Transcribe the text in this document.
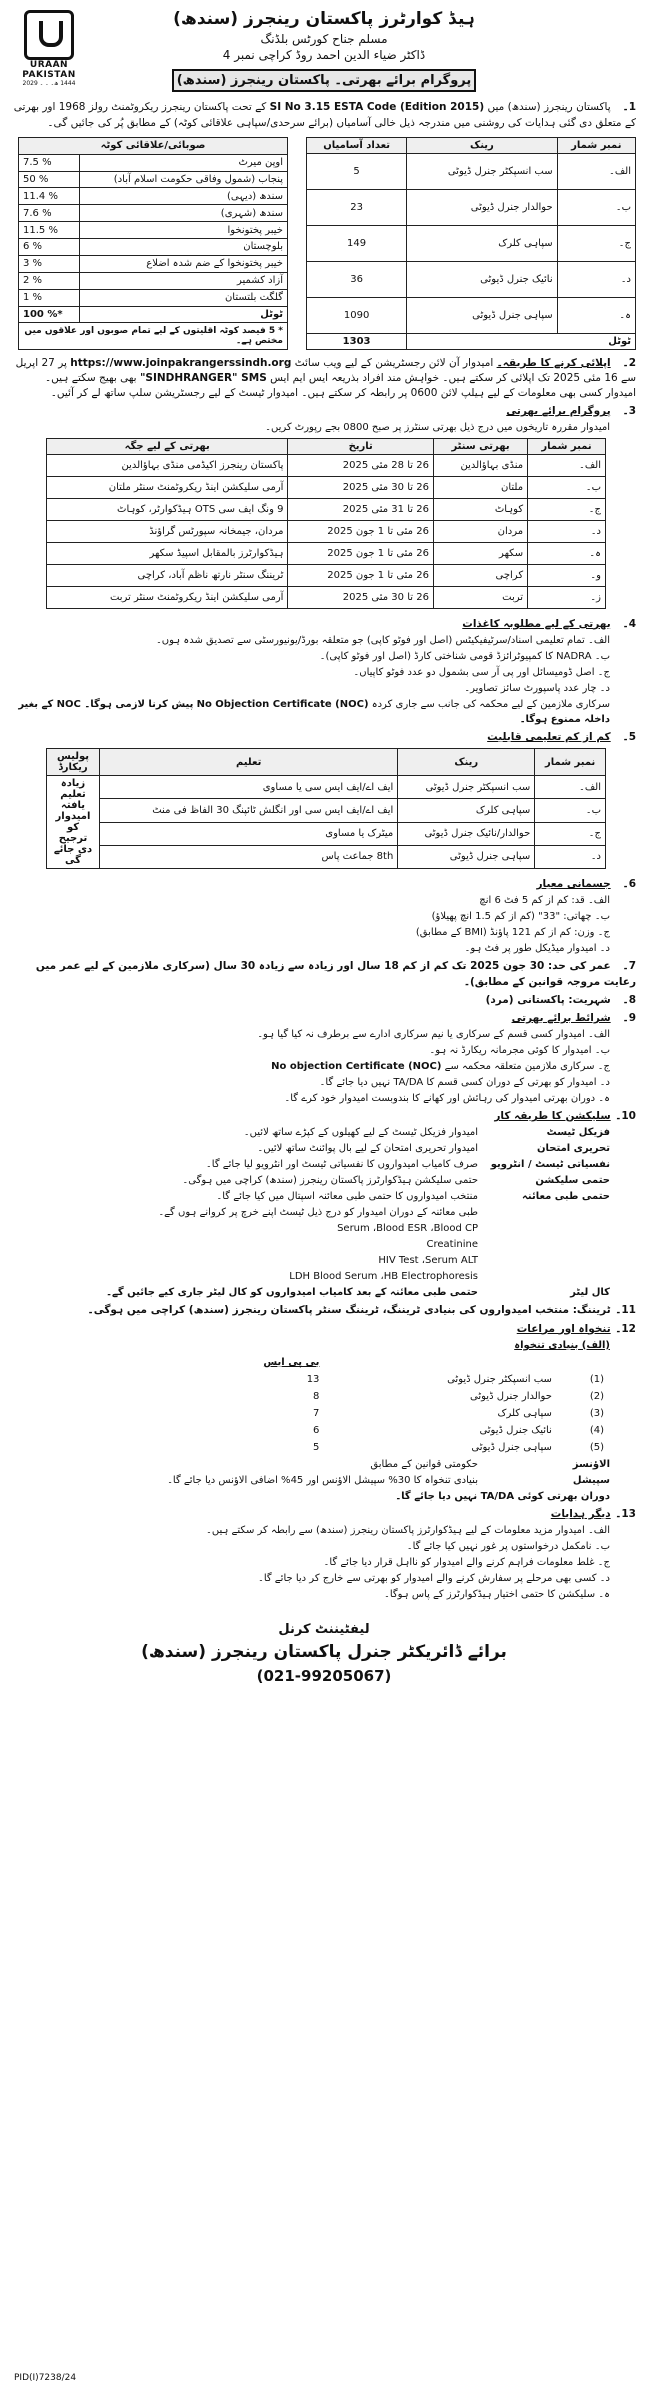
URAAN PAKISTAN
1444 ھ۔ ۔ ۔ 2029
ہیڈ کوارٹرز پاکستان رینجرز (سندھ)
مسلم جناح کورٹس بلڈنگ
ڈاکٹر ضیاء الدین احمد روڈ کراچی نمبر 4
پروگرام برائے بھرتی۔ پاکستان رینجرز (سندھ)
1۔ پاکستان رینجرز (سندھ) میں SI No 3.15 ESTA Code (Edition 2015) کے تحت پاکستان رینجرز ریکروٹمنٹ رولز 1968 اور بھرتی کے متعلق دی گئی ہدایات کی روشنی میں مندرجہ ذیل خالی آسامیاں (برائے سرحدی/سپاہی علاقائی کوٹہ) کے مطابق پُر کی جائیں گی۔
نمبر شمار	رینک	تعداد آسامیاں
الف۔	سب انسپکٹر جنرل ڈیوٹی	5
ب۔	حوالدار جنرل ڈیوٹی	23
ج۔	سپاہی کلرک	149
د۔	نائیک جنرل ڈیوٹی	36
ہ۔	سپاہی جنرل ڈیوٹی	1090
ٹوٹل		1303
صوبائی/علاقائی کوٹہ	
اوپن میرٹ	7.5 %
پنجاب (شمول وفاقی حکومت اسلام آباد)	50 %
سندھ (دیہی)	11.4 %
سندھ (شہری)	7.6 %
خیبر پختونخوا	11.5 %
بلوچستان	6 %
خیبر پختونخوا کے ضم شدہ اضلاع	3 %
آزاد کشمیر	2 %
گلگت بلتستان	1 %
ٹوٹل	100 %*
* 5 فیصد کوٹہ اقلیتوں کے لیے تمام صوبوں اور علاقوں میں مختص ہے۔	
2۔ اپلائی کرنے کا طریقہ۔ امیدوار آن لائن رجسٹریشن کے لیے ویب سائٹ https://www.joinpakrangerssindh.org پر 27 اپریل سے 16 مئی 2025 تک اپلائی کر سکتے ہیں۔ خواہش مند افراد بذریعہ ایس ایم ایس "SINDHRANGER" SMS بھی بھیج سکتے ہیں۔ امیدوار کسی بھی معلومات کے لیے ہیلپ لائن 0600 پر رابطہ کر سکتے ہیں۔ امیدوار ٹیسٹ کے لیے رجسٹریشن سلپ ساتھ لے کر آئیں۔
3۔ پروگرام برائے بھرتی
امیدوار مقررہ تاریخوں میں درج ذیل بھرتی سنٹرز پر صبح 0800 بجے رپورٹ کریں۔
نمبر شمار	بھرتی سنٹر	تاریخ	بھرتی کے لیے جگہ
الف۔	منڈی بہاؤالدین	26 تا 28 مئی 2025	پاکستان رینجرز اکیڈمی منڈی بہاؤالدین
ب۔	ملتان	26 تا 30 مئی 2025	آرمی سلیکشن اینڈ ریکروٹمنٹ سنٹر ملتان
ج۔	کوہاٹ	26 تا 31 مئی 2025	9 ونگ ایف سی OTS ہیڈکوارٹر، کوہاٹ
د۔	مردان	26 مئی تا 1 جون 2025	مردان، جیمخانہ سپورٹس گراؤنڈ
ہ۔	سکھر	26 مئی تا 1 جون 2025	ہیڈکوارٹرز بالمقابل اسپیڈ سکھر
و۔	کراچی	26 مئی تا 1 جون 2025	ٹریننگ سنٹر نارتھ ناظم آباد، کراچی
ز۔	تربت	26 تا 30 مئی 2025	آرمی سلیکشن اینڈ ریکروٹمنٹ سنٹر تربت
4۔ بھرتی کے لیے مطلوبہ کاغذات
الف۔ تمام تعلیمی اسناد/سرٹیفیکیٹس (اصل اور فوٹو کاپی) جو متعلقہ بورڈ/یونیورسٹی سے تصدیق شدہ ہوں۔
ب۔ NADRA کا کمپیوٹرائزڈ قومی شناختی کارڈ (اصل اور فوٹو کاپی)۔
ج۔ اصل ڈومیسائل اور پی آر سی بشمول دو عدد فوٹو کاپیاں۔
د۔ چار عدد پاسپورٹ سائز تصاویر۔
سرکاری ملازمین کے لیے محکمہ کی جانب سے جاری کردہ No Objection Certificate (NOC) پیش کرنا لازمی ہوگا۔ NOC کے بغیر داخلہ ممنوع ہوگا۔
5۔ کم از کم تعلیمی قابلیت
نمبر شمار	رینک	تعلیم	پولیس ریکارڈ
الف۔	سب انسپکٹر جنرل ڈیوٹی	ایف اے/ایف ایس سی یا مساوی	زیادہ تعلیم یافتہ امیدوار کو ترجیح دی جائے گی
ب۔	سپاہی کلرک	ایف اے/ایف ایس سی اور انگلش ٹائپنگ 30 الفاظ فی منٹ	
ج۔	حوالدار/نائیک جنرل ڈیوٹی	میٹرک یا مساوی	
د۔	سپاہی جنرل ڈیوٹی	8th جماعت پاس	
6۔ جسمانی معیار
الف۔ قد: کم از کم 5 فٹ 6 انچ
ب۔ چھاتی: "33" (کم از کم 1.5 انچ پھیلاؤ)
ج۔ وزن: کم از کم 121 پاؤنڈ (BMI کے مطابق)
د۔ امیدوار میڈیکل طور پر فٹ ہو۔
7۔ عمر کی حد: 30 جون 2025 تک کم از کم 18 سال اور زیادہ سے زیادہ 30 سال (سرکاری ملازمین کے لیے عمر میں رعایت مروجہ قوانین کے مطابق)۔
8۔ شہریت: پاکستانی (مرد)
9۔ شرائط برائے بھرتی
الف۔ امیدوار کسی قسم کے سرکاری یا نیم سرکاری ادارے سے برطرف نہ کیا گیا ہو۔
ب۔ امیدوار کا کوئی مجرمانہ ریکارڈ نہ ہو۔
ج۔ سرکاری ملازمین متعلقہ محکمہ سے No objection Certificate (NOC)
د۔ امیدوار کو بھرتی کے دوران کسی قسم کا TA/DA نہیں دیا جائے گا۔
ہ۔ دوران بھرتی امیدوار کی رہائش اور کھانے کا بندوبست امیدوار خود کرے گا۔
10۔ سلیکشن کا طریقہ کار
فزیکل ٹیسٹ
امیدوار فزیکل ٹیسٹ کے لیے کھیلوں کے کپڑے ساتھ لائیں۔
تحریری امتحان
امیدوار تحریری امتحان کے لیے بال پوائنٹ ساتھ لائیں۔
نفسیاتی ٹیسٹ / انٹرویو
صرف کامیاب امیدواروں کا نفسیاتی ٹیسٹ اور انٹرویو لیا جائے گا۔
حتمی سلیکشن
حتمی سلیکشن ہیڈکوارٹرز پاکستان رینجرز (سندھ) کراچی میں ہوگی۔
حتمی طبی معائنہ
منتخب امیدواروں کا حتمی طبی معائنہ اسپتال میں کیا جائے گا۔
طبی معائنہ کے دوران امیدوار کو درج ذیل ٹیسٹ اپنے خرچ پر کروانے ہوں گے۔
Serum ،Blood ESR ،Blood CP
Creatinine
HIV Test ،Serum ALT
LDH Blood Serum ،HB Electrophoresis
کال لیٹر
حتمی طبی معائنہ کے بعد کامیاب امیدواروں کو کال لیٹر جاری کیے جائیں گے۔
11۔ ٹریننگ: منتخب امیدواروں کی بنیادی ٹریننگ، ٹریننگ سنٹر پاکستان رینجرز (سندھ) کراچی میں ہوگی۔
12۔ تنخواہ اور مراعات
(الف) بنیادی تنخواہ
		بی پی ایس
(1)	سب انسپکٹر جنرل ڈیوٹی	13
(2)	حوالدار جنرل ڈیوٹی	8
(3)	سپاہی کلرک	7
(4)	نائیک جنرل ڈیوٹی	6
(5)	سپاہی جنرل ڈیوٹی	5
الاؤنسز
حکومتی قوانین کے مطابق
سپیشل
بنیادی تنخواہ کا 30% سپیشل الاؤنس اور 45% اضافی الاؤنس دیا جائے گا۔
دوران بھرتی کوئی TA/DA نہیں دیا جائے گا۔
13۔ دیگر ہدایات
الف۔ امیدوار مزید معلومات کے لیے ہیڈکوارٹرز پاکستان رینجرز (سندھ) سے رابطہ کر سکتے ہیں۔
ب۔ نامکمل درخواستوں پر غور نہیں کیا جائے گا۔
ج۔ غلط معلومات فراہم کرنے والے امیدوار کو نااہل قرار دیا جائے گا۔
د۔ کسی بھی مرحلے پر سفارش کرنے والے امیدوار کو بھرتی سے خارج کر دیا جائے گا۔
ہ۔ سلیکشن کا حتمی اختیار ہیڈکوارٹرز کے پاس ہوگا۔
لیفٹیننٹ کرنل
برائے ڈائریکٹر جنرل پاکستان رینجرز (سندھ)
(021-99205067)
PID(I)7238/24
